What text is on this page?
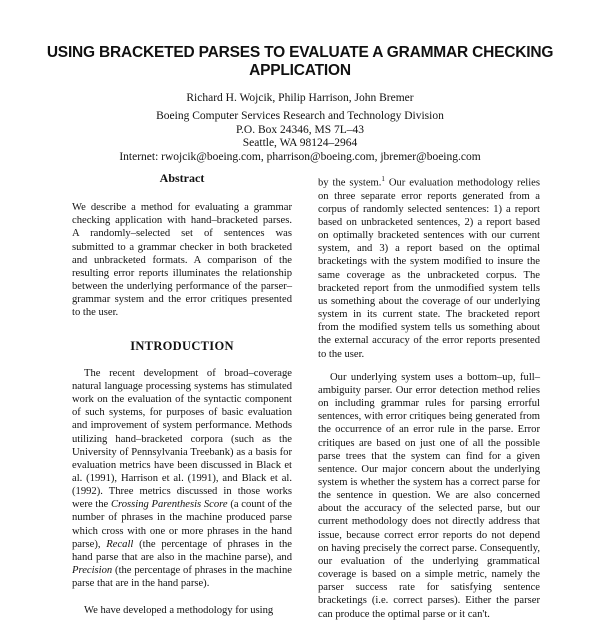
USING BRACKETED PARSES TO EVALUATE A GRAMMAR CHECKING
APPLICATION
Richard H. Wojcik, Philip Harrison, John Bremer
Boeing Computer Services Research and Technology Division
P.O. Box 24346, MS 7L–43
Seattle, WA 98124–2964
Internet: rwojcik@boeing.com, pharrison@boeing.com, jbremer@boeing.com
Abstract

We describe a method for evaluating a grammar checking application with hand–bracketed parses. A randomly–selected set of sentences was submitted to a grammar checker in both bracketed and unbracketed formats. A comparison of the resulting error reports illuminates the relationship between the underlying performance of the parser–grammar system and the error critiques presented to the user.

INTRODUCTION

The recent development of broad–coverage natural language processing systems has stimulated work on the evaluation of the syntactic component of such systems, for purposes of basic evaluation and improvement of system performance. Methods utilizing hand–bracketed corpora (such as the University of Pennsylvania Treebank) as a basis for evaluation metrics have been discussed in Black et al. (1991), Harrison et al. (1991), and Black et al. (1992). Three metrics discussed in those works were the Crossing Parenthesis Score (a count of the number of phrases in the machine produced parse which cross with one or more phrases in the hand parse), Recall (the percentage of phrases in the hand parse that are also in the machine parse), and Precision (the percentage of phrases in the machine parse that are in the hand parse).

We have developed a methodology for using

by the system.$^1$ Our evaluation methodology relies on three separate error reports generated from a corpus of randomly selected sentences: 1) a report based on unbracketed sentences, 2) a report based on optimally bracketed sentences with our current system, and 3) a report based on the optimal bracketings with the system modified to insure the same coverage as the unbracketed corpus. The bracketed report from the unmodified system tells us something about the coverage of our underlying system in its current state. The bracketed report from the modified system tells us something about the external accuracy of the error reports presented to the user.

Our underlying system uses a bottom–up, full–ambiguity parser. Our error detection method relies on including grammar rules for parsing errorful sentences, with error critiques being generated from the occurrence of an error rule in the parse. Error critiques are based on just one of all the possible parse trees that the system can find for a given sentence. Our major concern about the underlying system is whether the system has a correct parse for the sentence in question. We are also concerned about the accuracy of the selected parse, but our current methodology does not directly address that issue, because correct error reports do not depend on having precisely the correct parse. Consequently, our evaluation of the underlying grammatical coverage is based on a simple metric, namely the parser success rate for satisfying sentence bracketings (i.e. correct parses). Either the parser can produce the optimal parse or it can't.
